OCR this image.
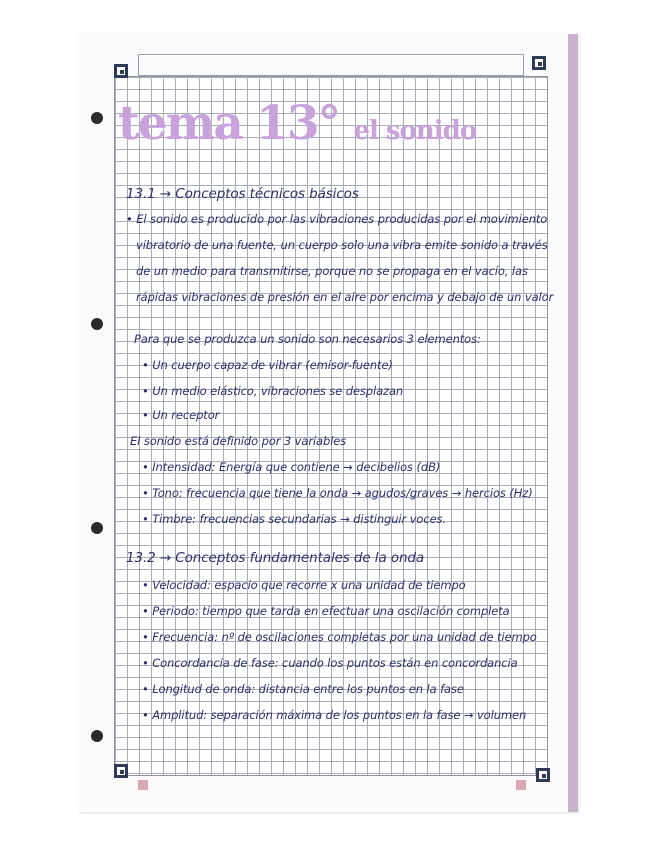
tema 13° el sonido
13.1 → Conceptos técnicos básicos
• El sonido es producido por las vibraciones producidas por el movimiento
vibratorio de una fuente, un cuerpo solo una vibra emite sonido a través
de un medio para transmitirse, porque no se propaga en el vacío, las
rápidas vibraciones de presión en el aire por encima y debajo de un valor
Para que se produzca un sonido son necesarios 3 elementos:
• Un cuerpo capaz de vibrar (emisor-fuente)
• Un medio elástico, vibraciones se desplazan
• Un receptor
El sonido está definido por 3 variables
• Intensidad: Energía que contiene → decibelios (dB)
• Tono: frecuencia que tiene la onda → agudos/graves → hercios (Hz)
• Timbre: frecuencias secundarias → distinguir voces.
13.2 → Conceptos fundamentales de la onda
• Velocidad: espacio que recorre x una unidad de tiempo
• Periodo: tiempo que tarda en efectuar una oscilación completa
• Frecuencia: nº de oscilaciones completas por una unidad de tiempo
• Concordancia de fase: cuando los puntos están en concordancia
• Longitud de onda: distancia entre los puntos en la fase
• Amplitud: separación máxima de los puntos en la fase → volumen
